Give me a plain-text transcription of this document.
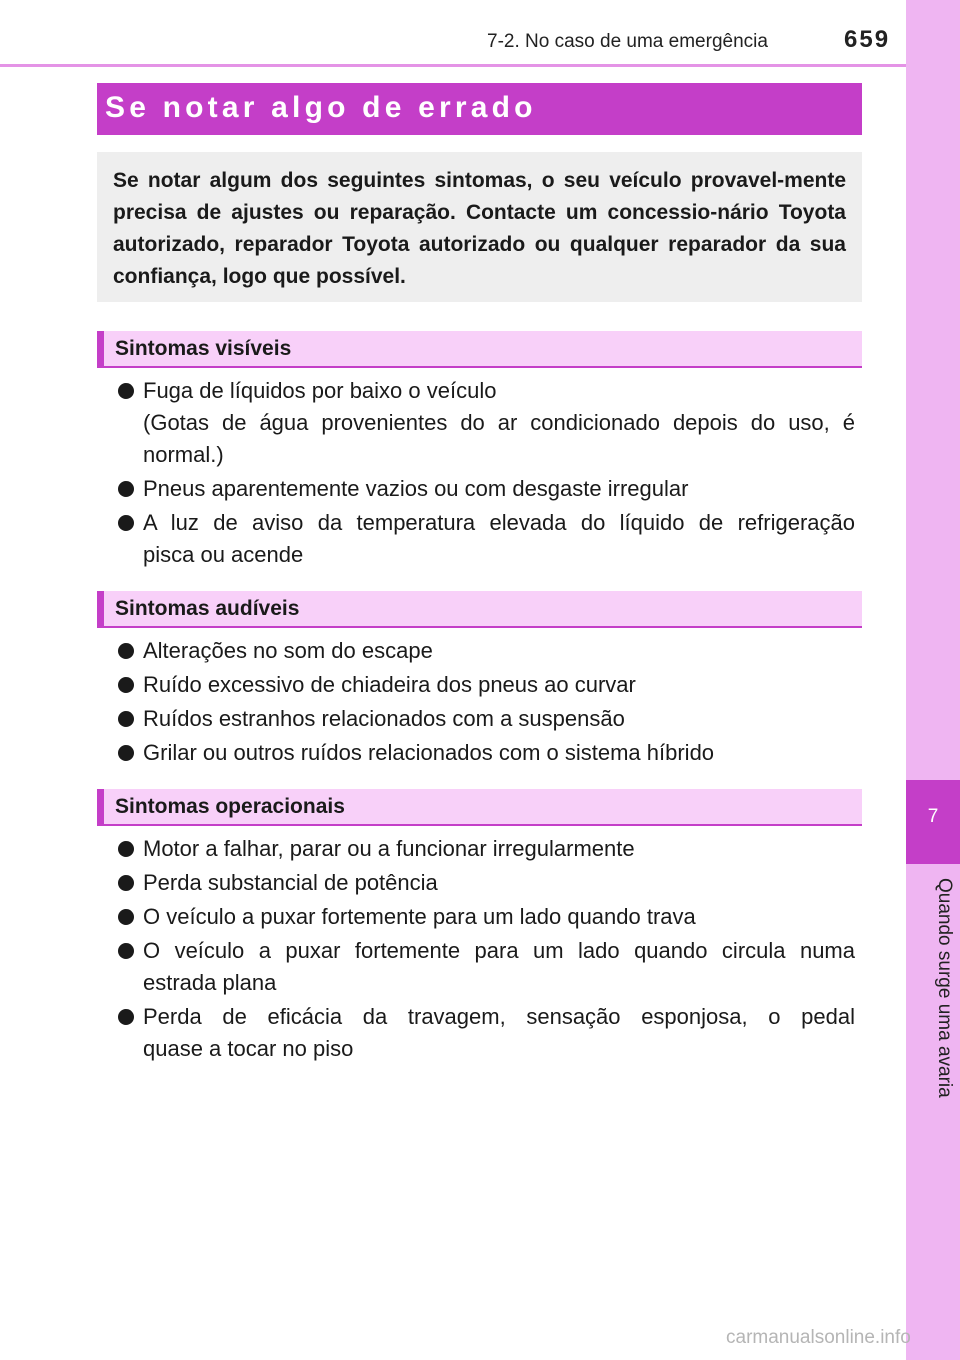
7-2. No caso de uma emergência	659
7
Quando surge uma avaria
Se notar algo de errado

Se notar algum dos seguintes sintomas, o seu veículo provavel-mente precisa de ajustes ou reparação. Contacte um concessio-nário Toyota autorizado, reparador Toyota autorizado ou qualquer reparador da sua confiança, logo que possível.

Sintomas visíveis
Fuga de líquidos por baixo o veículo
(Gotas de água provenientes do ar condicionado depois do uso, é
normal.)
Pneus aparentemente vazios ou com desgaste irregular
A luz de aviso da temperatura elevada do líquido de refrigeração
pisca ou acende
Sintomas audíveis
Alterações no som do escape
Ruído excessivo de chiadeira dos pneus ao curvar
Ruídos estranhos relacionados com a suspensão
Grilar ou outros ruídos relacionados com o sistema híbrido
Sintomas operacionais
Motor a falhar, parar ou a funcionar irregularmente
Perda substancial de potência
O veículo a puxar fortemente para um lado quando trava
O veículo a puxar fortemente para um lado quando circula numa
estrada plana
Perda de eficácia da travagem, sensação esponjosa, o pedal
quase a tocar no piso
carmanualsonline.info
